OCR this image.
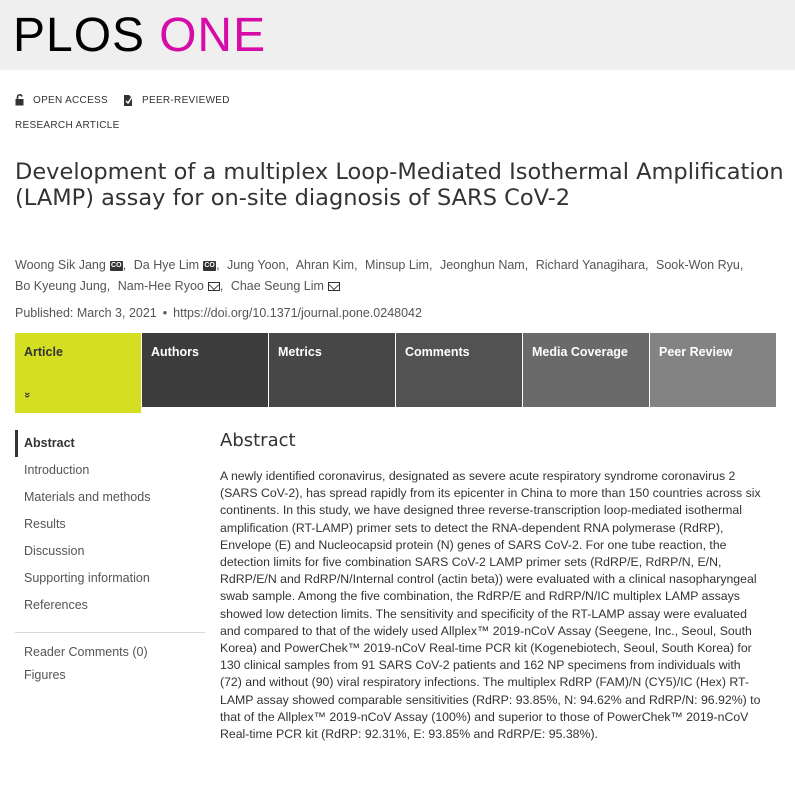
PLOS ONE
OPEN ACCESS	PEER-REVIEWED
RESEARCH ARTICLE
Development of a multiplex Loop-Mediated Isothermal Amplification (LAMP) assay for on-site diagnosis of SARS CoV-2
Woong Sik Jang CO, Da Hye Lim CO, Jung Yoon, Ahran Kim, Minsup Lim, Jeonghun Nam, Richard Yanagihara, Sook-Won Ryu, Bo Kyeung Jung, Nam-Hee Ryoo , Chae Seung Lim
Published: March 3, 2021 • https://doi.org/10.1371/journal.pone.0248042
Article
»
Authors	Metrics	Comments	Media Coverage	Peer Review
Abstract
Introduction
Materials and methods
Results
Discussion
Supporting information
References
Reader Comments (0)
Figures
Abstract

A newly identified coronavirus, designated as severe acute respiratory syndrome coronavirus 2 (SARS CoV-2), has spread rapidly from its epicenter in China to more than 150 countries across six continents. In this study, we have designed three reverse-transcription loop-mediated isothermal amplification (RT-LAMP) primer sets to detect the RNA-dependent RNA polymerase (RdRP), Envelope (E) and Nucleocapsid protein (N) genes of SARS CoV-2. For one tube reaction, the detection limits for five combination SARS CoV-2 LAMP primer sets (RdRP/E, RdRP/N, E/N, RdRP/E/N and RdRP/N/Internal control (actin beta)) were evaluated with a clinical nasopharyngeal swab sample. Among the five combination, the RdRP/E and RdRP/N/IC multiplex LAMP assays showed low detection limits. The sensitivity and specificity of the RT-LAMP assay were evaluated and compared to that of the widely used Allplex™ 2019-nCoV Assay (Seegene, Inc., Seoul, South Korea) and PowerChek™ 2019-nCoV Real-time PCR kit (Kogenebiotech, Seoul, South Korea) for 130 clinical samples from 91 SARS CoV-2 patients and 162 NP specimens from individuals with (72) and without (90) viral respiratory infections. The multiplex RdRP (FAM)/N (CY5)/IC (Hex) RT-LAMP assay showed comparable sensitivities (RdRP: 93.85%, N: 94.62% and RdRP/N: 96.92%) to that of the Allplex™ 2019-nCoV Assay (100%) and superior to those of PowerChek™ 2019-nCoV Real-time PCR kit (RdRP: 92.31%, E: 93.85% and RdRP/E: 95.38%).
